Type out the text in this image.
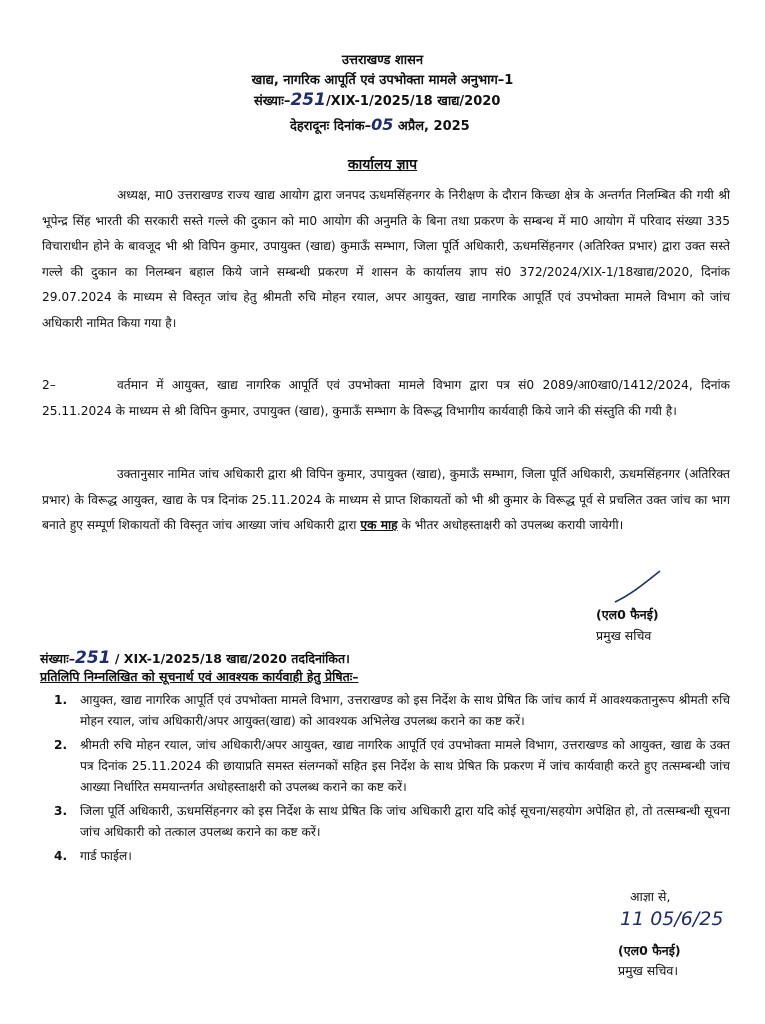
उत्तराखण्ड शासन
खाद्य, नागरिक आपूर्ति एवं उपभोक्ता मामले अनुभाग–1
संख्याः–251/XIX-1/2025/18 खाद्य/2020
देहरादूनः दिनांक–05 अप्रैल, 2025
कार्यालय ज्ञाप
अध्यक्ष, मा0 उत्तराखण्ड राज्य खाद्य आयोग द्वारा जनपद ऊधमसिंहनगर के निरीक्षण के दौरान किच्छा क्षेत्र के अन्तर्गत निलम्बित की गयी श्री भूपेन्द्र सिंह भारती की सरकारी सस्ते गल्ले की दुकान को मा0 आयोग की अनुमति के बिना तथा प्रकरण के सम्बन्ध में मा0 आयोग में परिवाद संख्या 335 विचाराधीन होने के बावजूद भी श्री विपिन कुमार, उपायुक्त (खाद्य) कुमाऊँ सम्भाग, जिला पूर्ति अधिकारी, ऊधमसिंहनगर (अतिरिक्त प्रभार) द्वारा उक्त सस्ते गल्ले की दुकान का निलम्बन बहाल किये जाने सम्बन्धी प्रकरण में शासन के कार्यालय ज्ञाप सं0 372/2024/XIX-1/18खाद्य/2020, दिनांक 29.07.2024 के माध्यम से विस्तृत जांच हेतु श्रीमती रुचि मोहन रयाल, अपर आयुक्त, खाद्य नागरिक आपूर्ति एवं उपभोक्ता मामले विभाग को जांच अधिकारी नामित किया गया है।
2–	वर्तमान में आयुक्त, खाद्य नागरिक आपूर्ति एवं उपभोक्ता मामले विभाग द्वारा पत्र सं0 2089/आ0खा0/1412/2024, दिनांक 25.11.2024 के माध्यम से श्री विपिन कुमार, उपायुक्त (खाद्य), कुमाऊँ सम्भाग के विरूद्ध विभागीय कार्यवाही किये जाने की संस्तुति की गयी है।
उक्तानुसार नामित जांच अधिकारी द्वारा श्री विपिन कुमार, उपायुक्त (खाद्य), कुमाऊँ सम्भाग, जिला पूर्ति अधिकारी, ऊधमसिंहनगर (अतिरिक्त प्रभार) के विरूद्ध आयुक्त, खाद्य के पत्र दिनांक 25.11.2024 के माध्यम से प्राप्त शिकायतों को भी श्री कुमार के विरूद्ध पूर्व से प्रचलित उक्त जांच का भाग बनाते हुए सम्पूर्ण शिकायतों की विस्तृत जांच आख्या जांच अधिकारी द्वारा एक माह के भीतर अधोहस्ताक्षरी को उपलब्ध करायी जायेगी।
(एल0 फैनई)
प्रमुख सचिव
संख्याः–251 / XIX-1/2025/18 खाद्य/2020 तददिनांकित।
प्रतिलिपि निम्नलिखित को सूचनार्थ एवं आवश्यक कार्यवाही हेतु प्रेषितः–
1. आयुक्त, खाद्य नागरिक आपूर्ति एवं उपभोक्ता मामले विभाग, उत्तराखण्ड को इस निर्देश के साथ प्रेषित कि जांच कार्य में आवश्यकतानुरूप श्रीमती रुचि मोहन रयाल, जांच अधिकारी/अपर आयुक्त(खाद्य) को आवश्यक अभिलेख उपलब्ध कराने का कष्ट करें।
2. श्रीमती रुचि मोहन रयाल, जांच अधिकारी/अपर आयुक्त, खाद्य नागरिक आपूर्ति एवं उपभोक्ता मामले विभाग, उत्तराखण्ड को आयुक्त, खाद्य के उक्त पत्र दिनांक 25.11.2024 की छायाप्रति समस्त संलग्नकों सहित इस निर्देश के साथ प्रेषित कि प्रकरण में जांच कार्यवाही करते हुए तत्सम्बन्धी जांच आख्या निर्धारित समयान्तर्गत अधोहस्ताक्षरी को उपलब्ध कराने का कष्ट करें।
3. जिला पूर्ति अधिकारी, ऊधमसिंहनगर को इस निर्देश के साथ प्रेषित कि जांच अधिकारी द्वारा यदि कोई सूचना/सहयोग अपेक्षित हो, तो तत्सम्बन्धी सूचना जांच अधिकारी को तत्काल उपलब्ध कराने का कष्ट करें।
4. गार्ड फाईल।
आज्ञा से,
11 05/6/25
(एल0 फैनई)
प्रमुख सचिव।
